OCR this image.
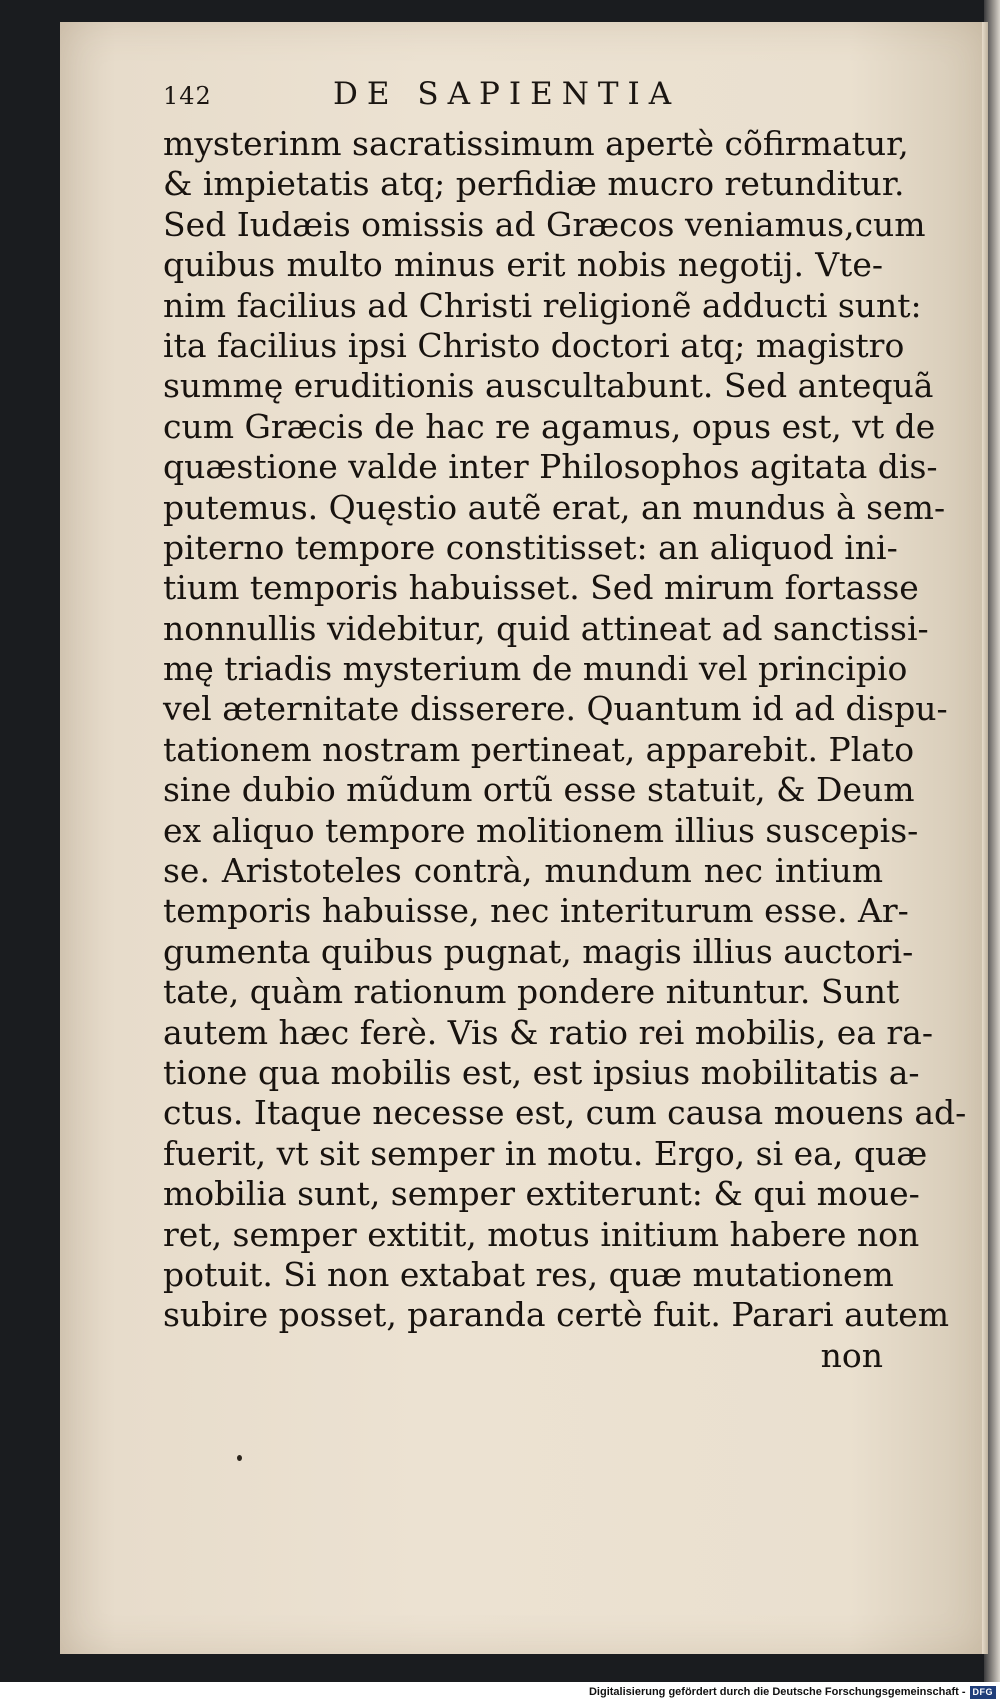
142	DE SAPIENTIA
mysterinm sacratissimum apertè cõfirmatur,
& impietatis atq; perfidiæ mucro retunditur.
Sed Iudæis omissis ad Græcos veniamus,cum
quibus multo minus erit nobis negotij. Vte-
nim facilius ad Christi religionẽ adducti sunt:
ita facilius ipsi Christo doctori atq; magistro
summę eruditionis auscultabunt. Sed antequã
cum Græcis de hac re agamus, opus est, vt de
quæstione valde inter Philosophos agitata dis-
putemus. Quęstio autẽ erat, an mundus à sem-
piterno tempore constitisset: an aliquod ini-
tium temporis habuisset. Sed mirum fortasse
nonnullis videbitur, quid attineat ad sanctissi-
mę triadis mysterium de mundi vel principio
vel æternitate disserere. Quantum id ad dispu-
tationem nostram pertineat, apparebit. Plato
sine dubio mũdum ortũ esse statuit, & Deum
ex aliquo tempore molitionem illius suscepis-
se. Aristoteles contrà, mundum nec intium
temporis habuisse, nec interiturum esse. Ar-
gumenta quibus pugnat, magis illius auctori-
tate, quàm rationum pondere nituntur. Sunt
autem hæc ferè. Vis & ratio rei mobilis, ea ra-
tione qua mobilis est, est ipsius mobilitatis a-
ctus. Itaque necesse est, cum causa mouens ad-
fuerit, vt sit semper in motu. Ergo, si ea, quæ
mobilia sunt, semper extiterunt: & qui moue-
ret, semper extitit, motus initium habere non
potuit. Si non extabat res, quæ mutationem
subire posset, paranda certè fuit. Parari autem
non
Digitalisierung gefördert durch die Deutsche Forschungsgemeinschaft - DFG
